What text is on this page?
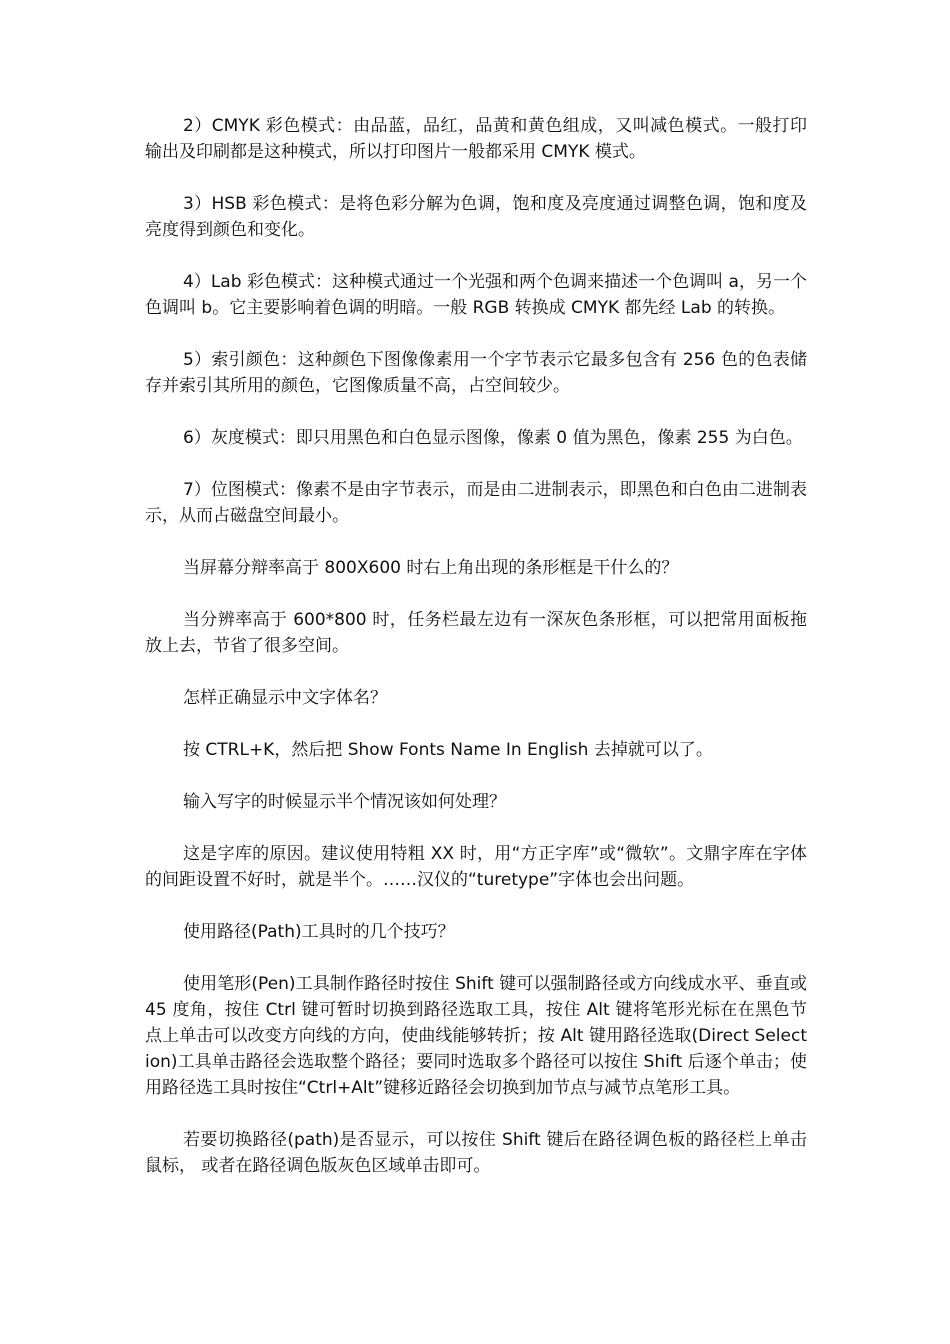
2）CMYK 彩色模式：由品蓝，品红，品黄和黄色组成，又叫减色模式。一般打印输出及印刷都是这种模式，所以打印图片一般都采用 CMYK 模式。

3）HSB 彩色模式：是将色彩分解为色调，饱和度及亮度通过调整色调，饱和度及亮度得到颜色和变化。

4）Lab 彩色模式：这种模式通过一个光强和两个色调来描述一个色调叫 a，另一个色调叫 b。它主要影响着色调的明暗。一般 RGB 转换成 CMYK 都先经 Lab 的转换。

5）索引颜色：这种颜色下图像像素用一个字节表示它最多包含有 256 色的色表储存并索引其所用的颜色，它图像质量不高，占空间较少。

6）灰度模式：即只用黑色和白色显示图像，像素 0 值为黑色，像素 255 为白色。

7）位图模式：像素不是由字节表示，而是由二进制表示，即黑色和白色由二进制表示，从而占磁盘空间最小。

当屏幕分辩率高于 800X600 时右上角出现的条形框是干什么的？

当分辨率高于 600*800 时，任务栏最左边有一深灰色条形框，可以把常用面板拖放上去，节省了很多空间。

怎样正确显示中文字体名？

按 CTRL+K，然后把 Show Fonts Name In English 去掉就可以了。

输入写字的时候显示半个情况该如何处理？

这是字库的原因。建议使用特粗 XX 时，用“方正字库”或“微软”。文鼎字库在字体的间距设置不好时，就是半个。……汉仪的“turetype”字体也会出问题。

使用路径(Path)工具时的几个技巧？

使用笔形(Pen)工具制作路径时按住 Shift 键可以强制路径或方向线成水平、垂直或 45 度角，按住 Ctrl 键可暂时切换到路径选取工具，按住 Alt 键将笔形光标在在黑色节点上单击可以改变方向线的方向，使曲线能够转折；按 Alt 键用路径选取(Direct Selection)工具单击路径会选取整个路径；要同时选取多个路径可以按住 Shift 后逐个单击；使用路径选工具时按住“Ctrl+Alt”键移近路径会切换到加节点与减节点笔形工具。

若要切换路径(path)是否显示，可以按住 Shift 键后在路径调色板的路径栏上单击鼠标， 或者在路径调色版灰色区域单击即可。
